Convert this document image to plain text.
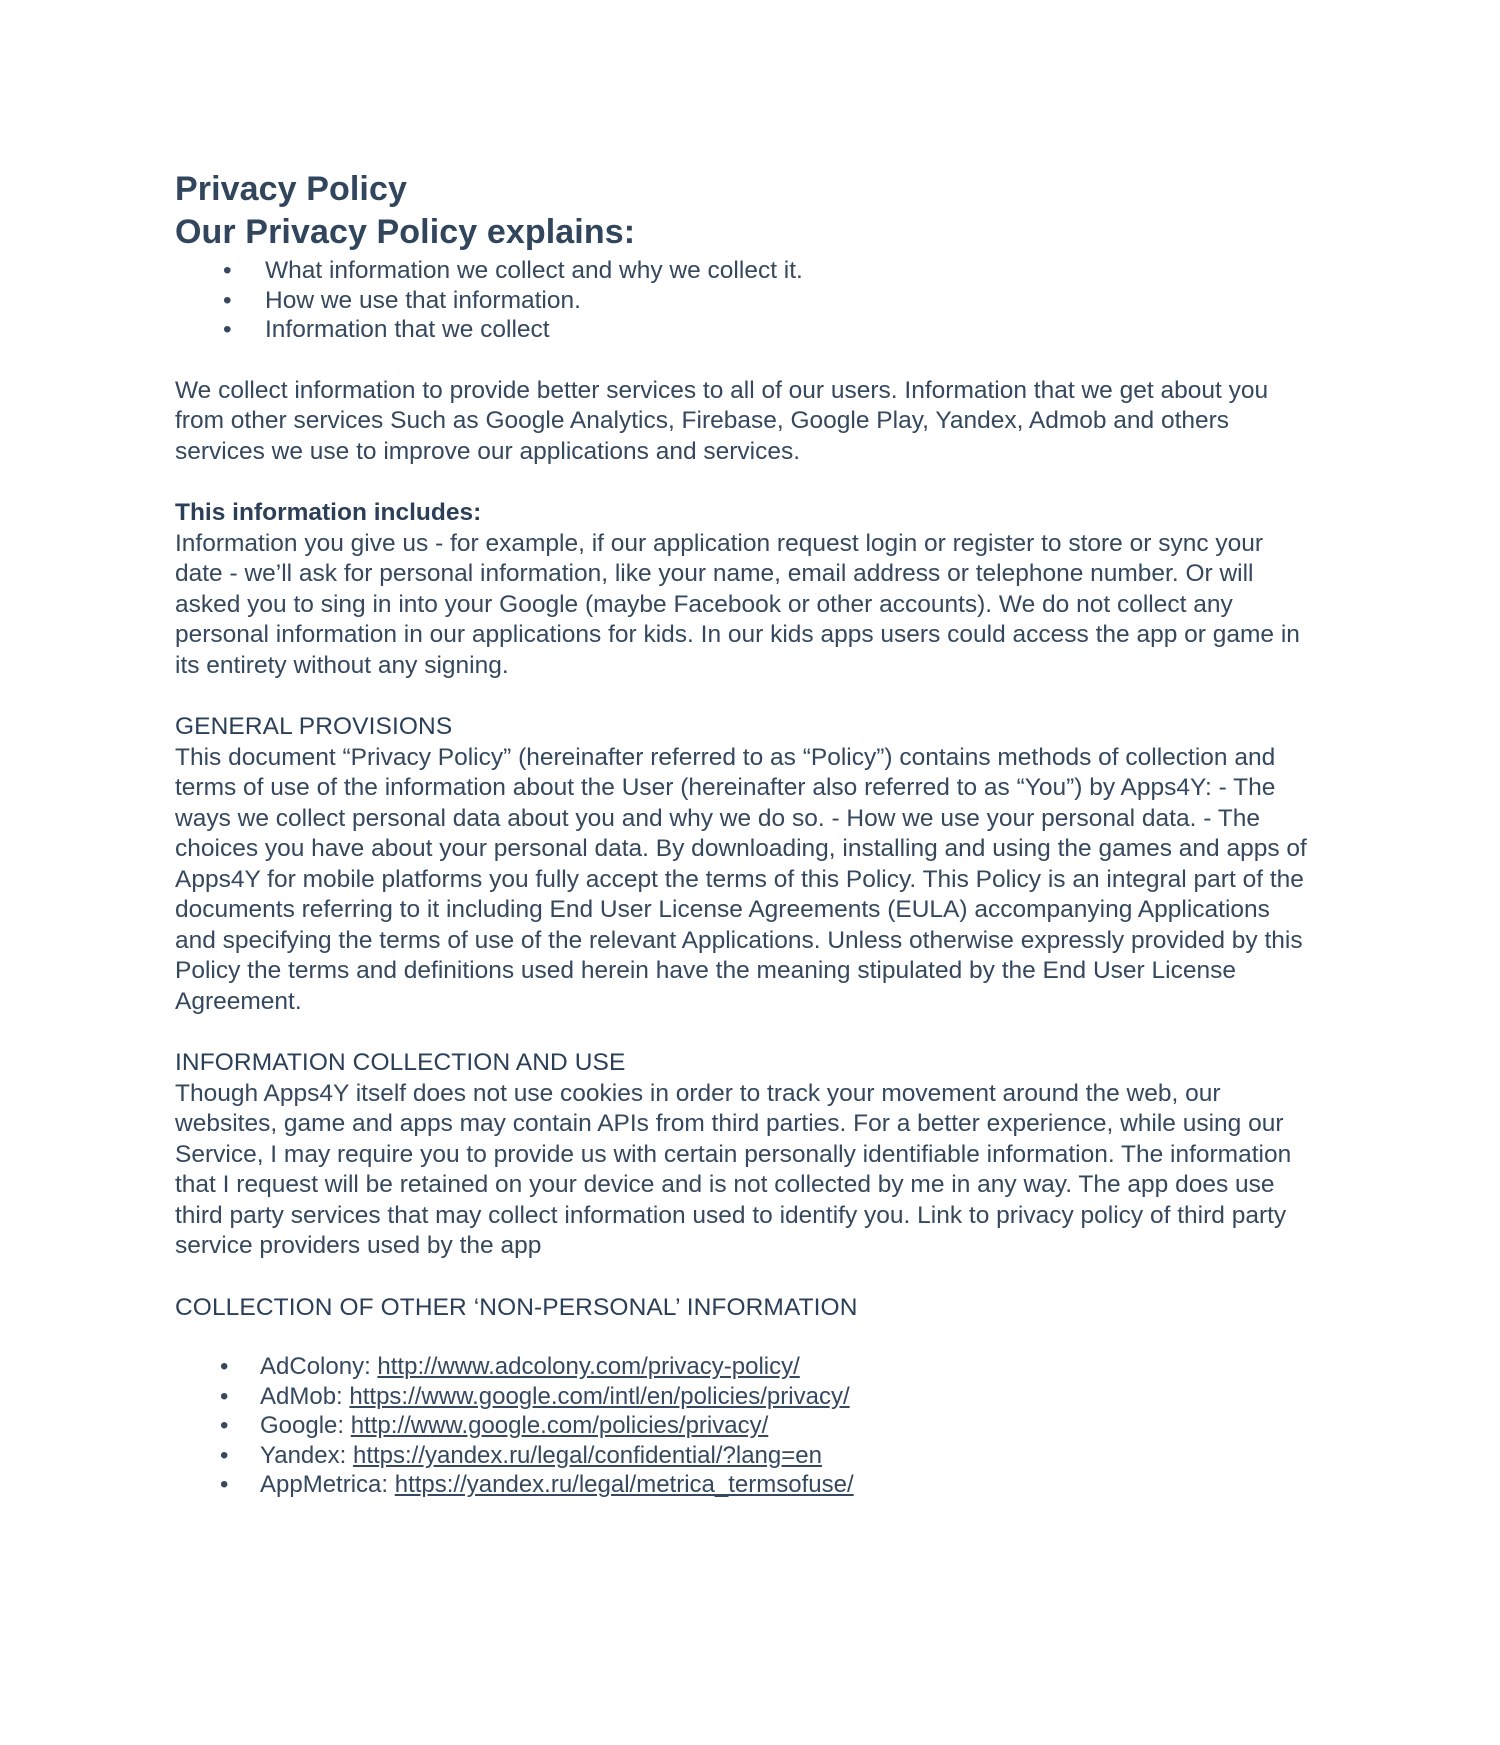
Privacy Policy
Our Privacy Policy explains:
• What information we collect and why we collect it.
• How we use that information.
• Information that we collect

We collect information to provide better services to all of our users. Information that we get about you from other services Such as Google Analytics, Firebase, Google Play, Yandex, Admob and others services we use to improve our applications and services.

This information includes:

Information you give us - for example, if our application request login or register to store or sync your date - we’ll ask for personal information, like your name, email address or telephone number. Or will asked you to sing in into your Google (maybe Facebook or other accounts). We do not collect any personal information in our applications for kids. In our kids apps users could access the app or game in its entirety without any signing.

GENERAL PROVISIONS

This document “Privacy Policy” (hereinafter referred to as “Policy”) contains methods of collection and terms of use of the information about the User (hereinafter also referred to as “You”) by Apps4Y: - The ways we collect personal data about you and why we do so. - How we use your personal data. - The choices you have about your personal data. By downloading, installing and using the games and apps of Apps4Y for mobile platforms you fully accept the terms of this Policy. This Policy is an integral part of the documents referring to it including End User License Agreements (EULA) accompanying Applications and specifying the terms of use of the relevant Applications. Unless otherwise expressly provided by this Policy the terms and definitions used herein have the meaning stipulated by the End User License Agreement.

INFORMATION COLLECTION AND USE

Though Apps4Y itself does not use cookies in order to track your movement around the web, our websites, game and apps may contain APIs from third parties. For a better experience, while using our Service, I may require you to provide us with certain personally identifiable information. The information that I request will be retained on your device and is not collected by me in any way. The app does use third party services that may collect information used to identify you. Link to privacy policy of third party service providers used by the app

COLLECTION OF OTHER ‘NON-PERSONAL’ INFORMATION

• AdColony: http://www.adcolony.com/privacy-policy/
• AdMob: https://www.google.com/intl/en/policies/privacy/
• Google: http://www.google.com/policies/privacy/
• Yandex: https://yandex.ru/legal/confidential/?lang=en
• AppMetrica: https://yandex.ru/legal/metrica_termsofuse/
